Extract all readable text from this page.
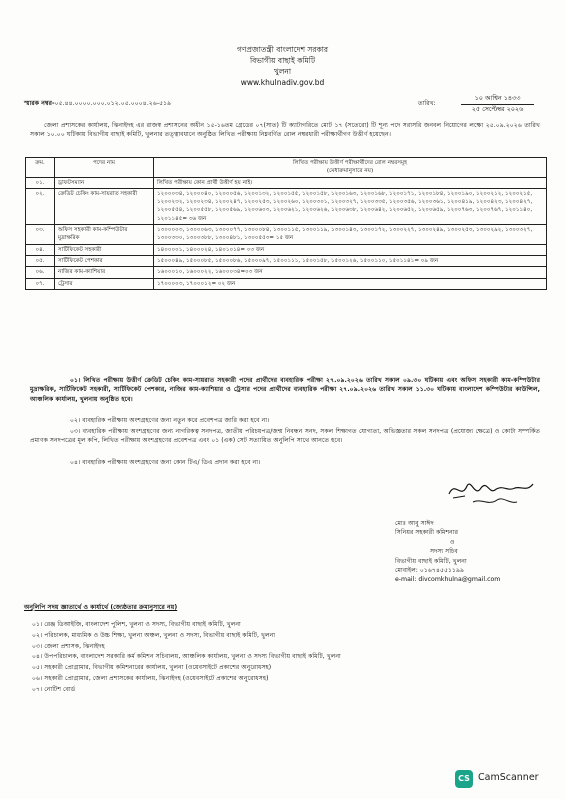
গণপ্রজাতন্ত্রী বাংলাদেশ সরকার
বিভাগীয় বাছাই কমিটি
খুলনা
www.khulnadiv.gov.bd
স্মারক নম্বর-০৫.৪৪.০০০০.০০০.০১২.০৫.০০০৪.২৬-৫১৯	তারিখ:
১০ আশ্বিন ১৪৩৩
২৫ সেপ্টেম্বর ২০২৬
জেলা প্রশাসকের কার্যালয়, ঝিনাইদহ এর রাজস্ব প্রশাসনের অধীন ১৫-১৬তম গ্রেডের ০৭(সাত) টি ক্যাটাগরিতে মোট ১৭ (সতেরো) টি শূন্য পদে সরাসরি জনবল নিয়োগের লক্ষ্যে ২৫.০৯.২০২৬ তারিখ সকাল ১০.০০ ঘটিকায় বিভাগীয় বাছাই কমিটি, খুলনার তত্ত্বাবধানে অনুষ্ঠিত লিখিত পরীক্ষায় নিম্নবর্ণিত রোল নম্বরধারী পরীক্ষার্থীগণ উত্তীর্ণ হয়েছেন।
ক্রম.	পদের নাম	লিখিত পরীক্ষায় উত্তীর্ণ পরীক্ষার্থীদের রোল নম্বরসমূহ
(মেধাক্রমানুসারে নয়)

০১.	ড্রাফটসম্যান	লিখিত পরীক্ষায় কোন প্রার্থী উত্তীর্ণ হয় নাই।
০২.	ক্রেডিট চেকিং কাম-সায়রাত সহকারী	১২০০০৩৪, ১২০০০৪০, ১২০০০৫৬, ১২০০১৩২, ১২০০১৫৫, ১২০০১৫৮, ১২০০১৬৩, ১২০০১৬৮, ১২০০১৭১, ১২০০১৮৪, ১২০০১৯০, ১২০০২১২, ১২০০২১৫, ১২০০২৩২, ১২০০২৩৪, ১২০০২৪৭, ১২০০২৫৩, ১২০০২৬০, ১২০০৩০১, ১২০০৩২৭, ১২০০৩৩৫, ১২০০৩৫৬, ১২০০৩৬১, ১২০০৪১৯, ১২০০৪২৩, ১২০০৪২৭, ১২০০৫৫৪, ১২০০৫৫৮, ১২০০৫৬৯, ১২০০৬০৩, ১২০০৬২১, ১২০০৬২৬, ১২০০৬৩৮, ১২০০৬৪২, ১২০০৬৫২, ১২০০৬৫৯, ১২০০৭৬৩, ১২০০৭৬৭, ১২০১১৪০, ১২০১১৪৫= ৩৬ জন
০৩.	অফিস সহকারী কাম-কম্পিউটার মুদ্রাক্ষরিক	১৩০০০০৩, ১৩০০০৬৩, ১৩০০০৭৭, ১৩০০০৮৪, ১৩০০১১৫, ১৩০০১১৯, ১৩০০১৪৩, ১৩০০১৭২, ১৩০০২২৭, ১৩০০২৪৯, ১৩০০২৫৩, ১৩০০২৯২, ১৩০০৩২৭, ১৩০০৩৩০, ১৩০০৩৮৮, ১৩০০৪৮১, ১৩০০৫৫৩= ১৫ জন
০৪.	সার্টিফিকেট সহকারী	১৪০০০০১, ১৪০০০২৪, ১৪০১০১৪= ০৩ জন
০৫.	সার্টিফিকেট পেশকার	১৫০০০৪৯, ১৫০০০৮৫, ১৫০০০৮৬, ১৫০০০৯৭, ১৫০০১১১, ১৫০০১৫৮, ১৫০০১২৬, ১৫০০১১০, ১৫০১১৪১= ০৯ জন
০৬.	নাজির কাম-ক্যাশিয়ার	১৬০০০১০, ১৬০০০২২, ১৬০০০৩৪=০৩ জন
০৭.	ট্রেসার	১৭০০০০৩, ১৭০০০১২= ০২ জন
০১। লিখিত পরীক্ষায় উত্তীর্ণ ক্রেডিট চেকিং কাম-সায়রাত সহকারী পদের প্রার্থীদের ব্যবহারিক পরীক্ষা ২৭.০৯.২০২৬ তারিখ সকাল ০৯.৩০ ঘটিকায় এবং অফিস সহকারী কাম-কম্পিউটার মুদ্রাক্ষরিক, সার্টিফিকেট সহকারী, সার্টিফিকেট পেশকার, নাজির কাম-ক্যাশিয়ার ও ট্রেসার পদের প্রার্থীদের ব্যবহারিক পরীক্ষা ২৭.০৯.২০২৬ তারিখ সকাল ১১.৩০ ঘটিকায় বাংলাদেশ কম্পিউটার কাউন্সিল, আঞ্চলিক কার্যালয়, খুলনায় অনুষ্ঠিত হবে।
০২। ব্যবহারিক পরীক্ষায় অংশগ্রহণের জন্য নতুন করে প্রবেশপত্র জারি করা হবে না।
০৩। ব্যবহারিক পরীক্ষায় অংশগ্রহণের জন্য নাগরিকত্ব সনদপত্র, জাতীয় পরিচয়পত্র/জন্ম নিবন্ধন সনদ, সকল শিক্ষাগত যোগ্যতা, অভিজ্ঞতার সকল সনদপত্র (প্রযোজ্য ক্ষেত্রে) ও কোটা সম্পর্কিত প্রমাণক সনদপত্রের মূল কপি, লিখিত পরীক্ষায় অংশগ্রহণের প্রবেশপত্র এবং ০১ (এক) সেট সত্যায়িত অনুলিপি সাথে আনতে হবে।
০৪। ব্যবহারিক পরীক্ষায় অংশগ্রহণের জন্য কোন টিএ/ ডিএ প্রদান করা হবে না।
মোঃ আবু সাঈদ
সিনিয়র সহকারী কমিশনার
ও
সদস্য সচিব
বিভাগীয় বাছাই কমিটি, খুলনা
মোবাইল: ০১৬৭৪৫৫১১৯৯
e-mail: divcomkhulna@gmail.com
অনুলিপি সদয় জ্ঞাতার্থে ও কার্যার্থে (জ্যেষ্ঠতার ক্রমানুসারে নয়)
০১। রেঞ্জ ডিআইজি, বাংলাদেশ পুলিশ, খুলনা ও সদস্য, বিভাগীয় বাছাই কমিটি, খুলনা
০২। পরিচালক, মাধ্যমিক ও উচ্চ শিক্ষা, খুলনা অঞ্চল, খুলনা ও সদস্য, বিভাগীয় বাছাই কমিটি, খুলনা
০৩। জেলা প্রশাসক, ঝিনাইদহ
০৪। উপপরিচালক, বাংলাদেশ সরকারি কর্ম কমিশন সচিবালয়, আঞ্চলিক কার্যালয়, খুলনা ও সদস্য বিভাগীয় বাছাই কমিটি, খুলনা
০৫। সহকারী প্রোগ্রামার, বিভাগীয় কমিশনারের কার্যালয়, খুলনা (ওয়েবসাইটে প্রকাশের অনুরোধসহ)
০৬। সহকারী প্রোগ্রামার, জেলা প্রশাসকের কার্যালয়, ঝিনাইদহ (ওয়েবসাইটে প্রকাশের অনুরোধসহ)
০৭। নোটিশ বোর্ড
CS CamScanner
